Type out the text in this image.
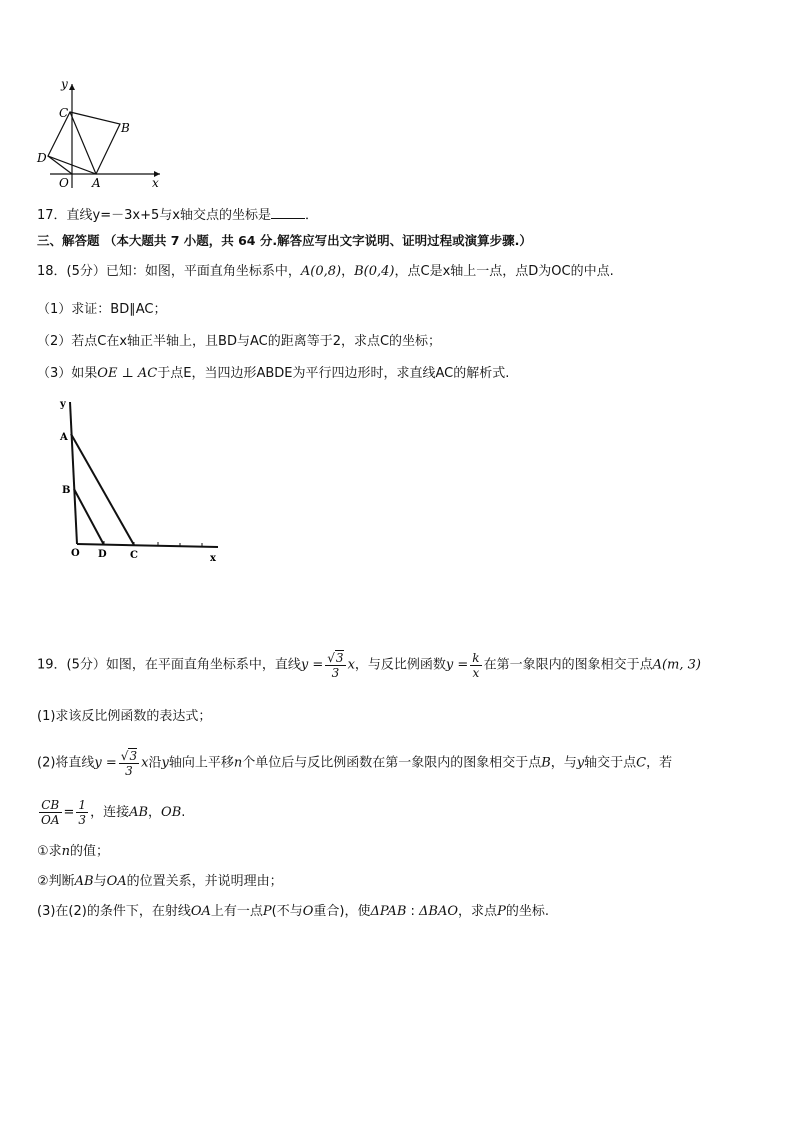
y
x
O A
B
C
D
17．直线y=－3x+5与x轴交点的坐标是	．
三、解答题 （本大题共 7 小题，共 64 分.解答应写出文字说明、证明过程或演算步骤.）
18．(5分）已知：如图，平面直角坐标系中，A(0,8)，B(0,4)，点C是x轴上一点，点D为OC的中点.
（1）求证：BD∥AC；
（2）若点C在x轴正半轴上，且BD与AC的距离等于2，求点C的坐标；
（3）如果OE ⊥ AC于点E，当四边形ABDE为平行四边形时，求直线AC的解析式.
y
A
B
O D C	x
19．(5分）如图，在平面直角坐标系中，直线$y = \frac{√3}{3}$ x，与反比例函数$y = \frac{k}{x}$ 在第一象限内的图象相交于点A(m, 3)
(1)求该反比例函数的表达式；
(2)将直线$y = \frac{√3}{3}$ x沿y轴向上平移n个单位后与反比例函数在第一象限内的图象相交于点B，与y轴交于点C，若
$\frac{CB}{OA} = \frac{1}{3}$ ，连接AB，OB.
①求n的值；
②判断AB与OA的位置关系，并说明理由；
(3)在(2)的条件下，在射线OA上有一点P(不与O重合)，使ΔPAB : ΔBAO，求点P的坐标.
